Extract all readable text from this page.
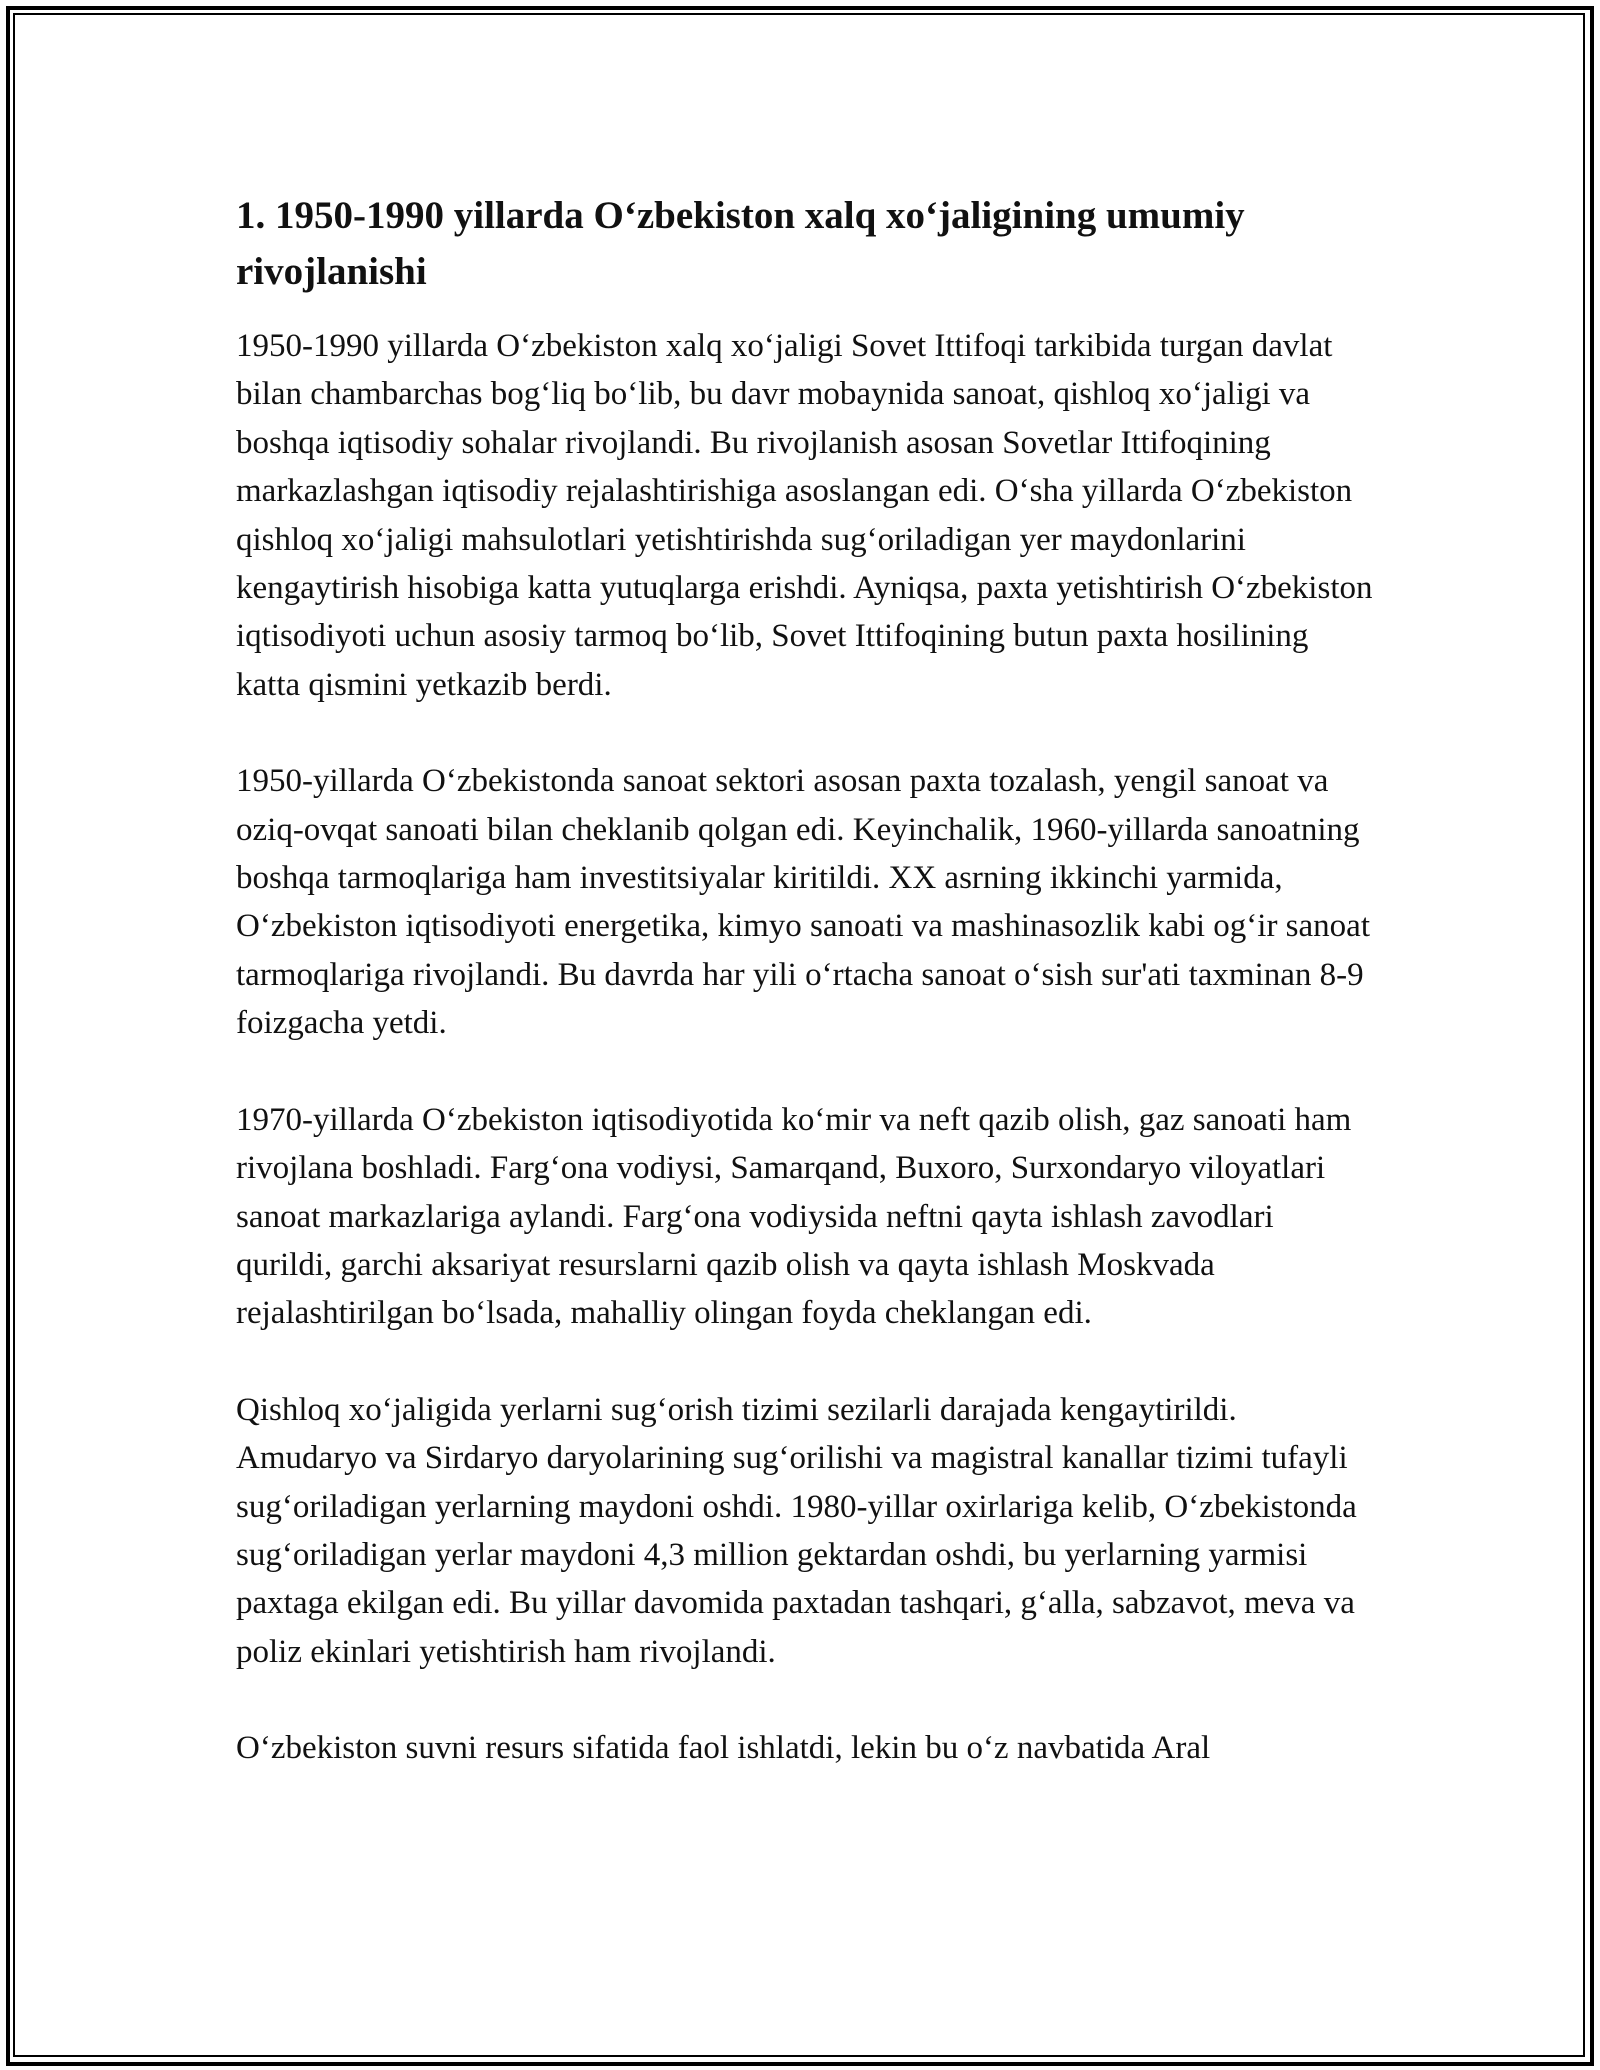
1. 1950-1990 yillarda O‘zbekiston xalq xo‘jaligining umumiy rivojlanishi

1950-1990 yillarda O‘zbekiston xalq xo‘jaligi Sovet Ittifoqi tarkibida turgan davlat bilan chambarchas bog‘liq bo‘lib, bu davr mobaynida sanoat, qishloq xo‘jaligi va boshqa iqtisodiy sohalar rivojlandi. Bu rivojlanish asosan Sovetlar Ittifoqining markazlashgan iqtisodiy rejalashtirishiga asoslangan edi. O‘sha yillarda O‘zbekiston qishloq xo‘jaligi mahsulotlari yetishtirishda sug‘oriladigan yer maydonlarini kengaytirish hisobiga katta yutuqlarga erishdi. Ayniqsa, paxta yetishtirish O‘zbekiston iqtisodiyoti uchun asosiy tarmoq bo‘lib, Sovet Ittifoqining butun paxta hosilining katta qismini yetkazib berdi.

1950-yillarda O‘zbekistonda sanoat sektori asosan paxta tozalash, yengil sanoat va oziq-ovqat sanoati bilan cheklanib qolgan edi. Keyinchalik, 1960-yillarda sanoatning boshqa tarmoqlariga ham investitsiyalar kiritildi. XX asrning ikkinchi yarmida, O‘zbekiston iqtisodiyoti energetika, kimyo sanoati va mashinasozlik kabi og‘ir sanoat tarmoqlariga rivojlandi. Bu davrda har yili o‘rtacha sanoat o‘sish sur'ati taxminan 8-9 foizgacha yetdi.

1970-yillarda O‘zbekiston iqtisodiyotida ko‘mir va neft qazib olish, gaz sanoati ham rivojlana boshladi. Farg‘ona vodiysi, Samarqand, Buxoro, Surxondaryo viloyatlari sanoat markazlariga aylandi. Farg‘ona vodiysida neftni qayta ishlash zavodlari qurildi, garchi aksariyat resurslarni qazib olish va qayta ishlash Moskvada rejalashtirilgan bo‘lsada, mahalliy olingan foyda cheklangan edi.

Qishloq xo‘jaligida yerlarni sug‘orish tizimi sezilarli darajada kengaytirildi. Amudaryo va Sirdaryo daryolarining sug‘orilishi va magistral kanallar tizimi tufayli sug‘oriladigan yerlarning maydoni oshdi. 1980-yillar oxirlariga kelib, O‘zbekistonda sug‘oriladigan yerlar maydoni 4,3 million gektardan oshdi, bu yerlarning yarmisi paxtaga ekilgan edi. Bu yillar davomida paxtadan tashqari, g‘alla, sabzavot, meva va poliz ekinlari yetishtirish ham rivojlandi.

O‘zbekiston suvni resurs sifatida faol ishlatdi, lekin bu o‘z navbatida Aral
